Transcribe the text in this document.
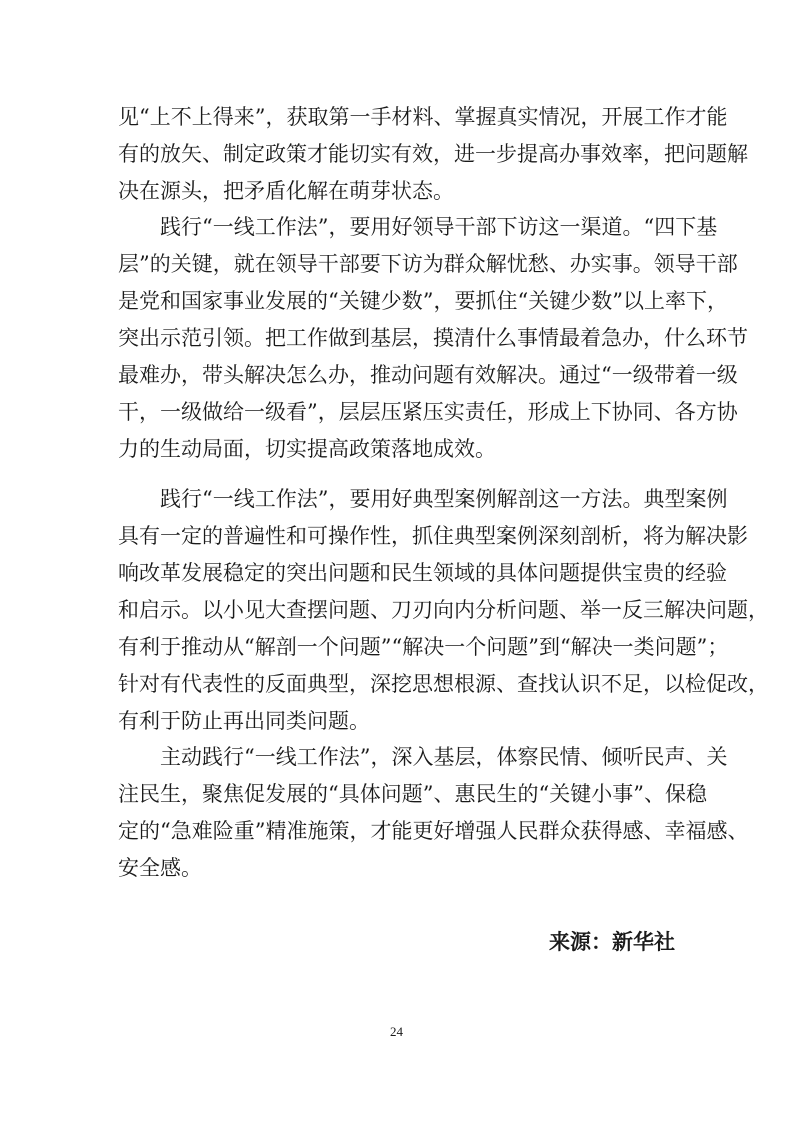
见“上不上得来”，获取第一手材料、掌握真实情况，开展工作才能
有的放矢、制定政策才能切实有效，进一步提高办事效率，把问题解
决在源头，把矛盾化解在萌芽状态。
践行“一线工作法”，要用好领导干部下访这一渠道。“四下基
层”的关键，就在领导干部要下访为群众解忧愁、办实事。领导干部
是党和国家事业发展的“关键少数”，要抓住“关键少数”以上率下，
突出示范引领。把工作做到基层，摸清什么事情最着急办，什么环节
最难办，带头解决怎么办，推动问题有效解决。通过“一级带着一级
干，一级做给一级看”，层层压紧压实责任，形成上下协同、各方协
力的生动局面，切实提高政策落地成效。
践行“一线工作法”，要用好典型案例解剖这一方法。典型案例
具有一定的普遍性和可操作性，抓住典型案例深刻剖析，将为解决影
响改革发展稳定的突出问题和民生领域的具体问题提供宝贵的经验
和启示。以小见大查摆问题、刀刃向内分析问题、举一反三解决问题，
有利于推动从“解剖一个问题”“解决一个问题”到“解决一类问题”；
针对有代表性的反面典型，深挖思想根源、查找认识不足，以检促改，
有利于防止再出同类问题。
主动践行“一线工作法”，深入基层，体察民情、倾听民声、关
注民生，聚焦促发展的“具体问题”、惠民生的“关键小事”、保稳
定的“急难险重”精准施策，才能更好增强人民群众获得感、幸福感、
安全感。
来源：新华社
24
